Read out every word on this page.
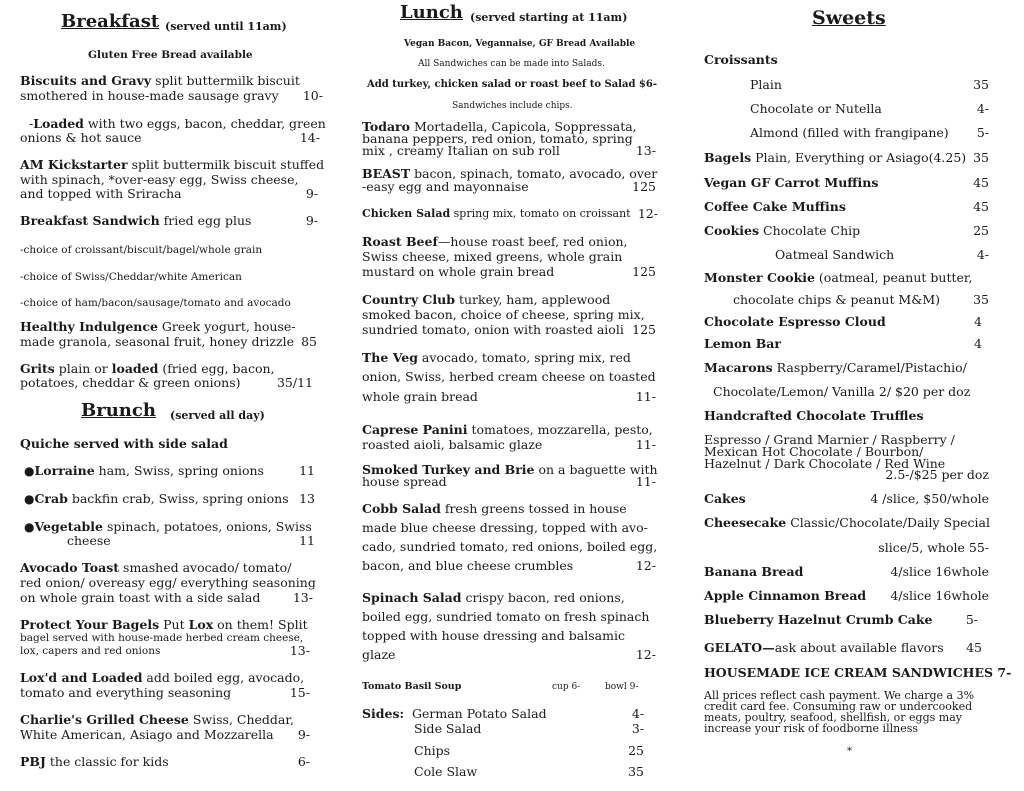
Breakfast (served until 11am)
Gluten Free Bread available
Biscuits and Gravy split buttermilk biscuit
smothered in house-made sausage gravy 10-
-Loaded with two eggs, bacon, cheddar, green
onions & hot sauce	14-
AM Kickstarter split buttermilk biscuit stuffed
with spinach, *over-easy egg, Swiss cheese,
and topped with Sriracha	9-
Breakfast Sandwich fried egg plus	9-
-choice of croissant/biscuit/bagel/whole grain
-choice of Swiss/Cheddar/white American
-choice of ham/bacon/sausage/tomato and avocado
Healthy Indulgence Greek yogurt, house-
made granola, seasonal fruit, honey drizzle 85
Grits plain or loaded (fried egg, bacon,
potatoes, cheddar & green onions)	35/11
Brunch (served all day)
Quiche served with side salad
●Lorraine ham, Swiss, spring onions	11
●Crab backfin crab, Swiss, spring onions 13
●Vegetable spinach, potatoes, onions, Swiss
cheese	11
Avocado Toast smashed avocado/ tomato/
red onion/ overeasy egg/ everything seasoning
on whole grain toast with a side salad	13-
Protect Your Bagels Put Lox on them! Split
bagel served with house-made herbed cream cheese,
lox, capers and red onions	13-
Lox'd and Loaded add boiled egg, avocado,
tomato and everything seasoning	15-
Charlie's Grilled Cheese Swiss, Cheddar,
White American, Asiago and Mozzarella 9-
PBJ the classic for kids	6-
Lunch (served starting at 11am)
Vegan Bacon, Vegannaise, GF Bread Available
All Sandwiches can be made into Salads.
Add turkey, chicken salad or roast beef to Salad $6-
Sandwiches include chips.
Todaro Mortadella, Capicola, Soppressata,
banana peppers, red onion, tomato, spring
mix , creamy Italian on sub roll	13-
BEAST bacon, spinach, tomato, avocado, over
-easy egg and mayonnaise	125
Chicken Salad spring mix, tomato on croissant 12-
Roast Beef—house roast beef, red onion,
Swiss cheese, mixed greens, whole grain
mustard on whole grain bread	125
Country Club turkey, ham, applewood
smoked bacon, choice of cheese, spring mix,
sundried tomato, onion with roasted aioli 125
The Veg avocado, tomato, spring mix, red
onion, Swiss, herbed cream cheese on toasted
whole grain bread	11-
Caprese Panini tomatoes, mozzarella, pesto,
roasted aioli, balsamic glaze	11-
Smoked Turkey and Brie on a baguette with
house spread	11-
Cobb Salad fresh greens tossed in house
made blue cheese dressing, topped with avo-
cado, sundried tomato, red onions, boiled egg,
bacon, and blue cheese crumbles	12-
Spinach Salad crispy bacon, red onions,
boiled egg, sundried tomato on fresh spinach
topped with house dressing and balsamic
glaze	12-
Tomato Basil Soup	cup 6-	bowl 9-
Sides: German Potato Salad	4-
Side Salad	3-
Chips	25
Cole Slaw	35
Sweets
Croissants
Plain	35
Chocolate or Nutella	4-
Almond (filled with frangipane) 5-
Bagels Plain, Everything or Asiago(4.25) 35
Vegan GF Carrot Muffins	45
Coffee Cake Muffins	45
Cookies Chocolate Chip	25
Oatmeal Sandwich	4-
Monster Cookie (oatmeal, peanut butter,
chocolate chips & peanut M&M)	35
Chocolate Espresso Cloud	4
Lemon Bar	4
Macarons Raspberry/Caramel/Pistachio/
Chocolate/Lemon/ Vanilla 2/ $20 per doz
Handcrafted Chocolate Truffles
Espresso / Grand Marnier / Raspberry /
Mexican Hot Chocolate / Bourbon/
Hazelnut / Dark Chocolate / Red Wine
2.5-/$25 per doz
Cakes	4 /slice, $50/whole
Cheesecake Classic/Chocolate/Daily Special
slice/5, whole 55-
Banana Bread	4/slice 16whole
Apple Cinnamon Bread 4/slice 16whole
Blueberry Hazelnut Crumb Cake	5-
GELATO—ask about available flavors 45
HOUSEMADE ICE CREAM SANDWICHES 7-
All prices reflect cash payment. We charge a 3%
credit card fee. Consuming raw or undercooked
meats, poultry, seafood, shellfish, or eggs may
increase your risk of foodborne illness
*
